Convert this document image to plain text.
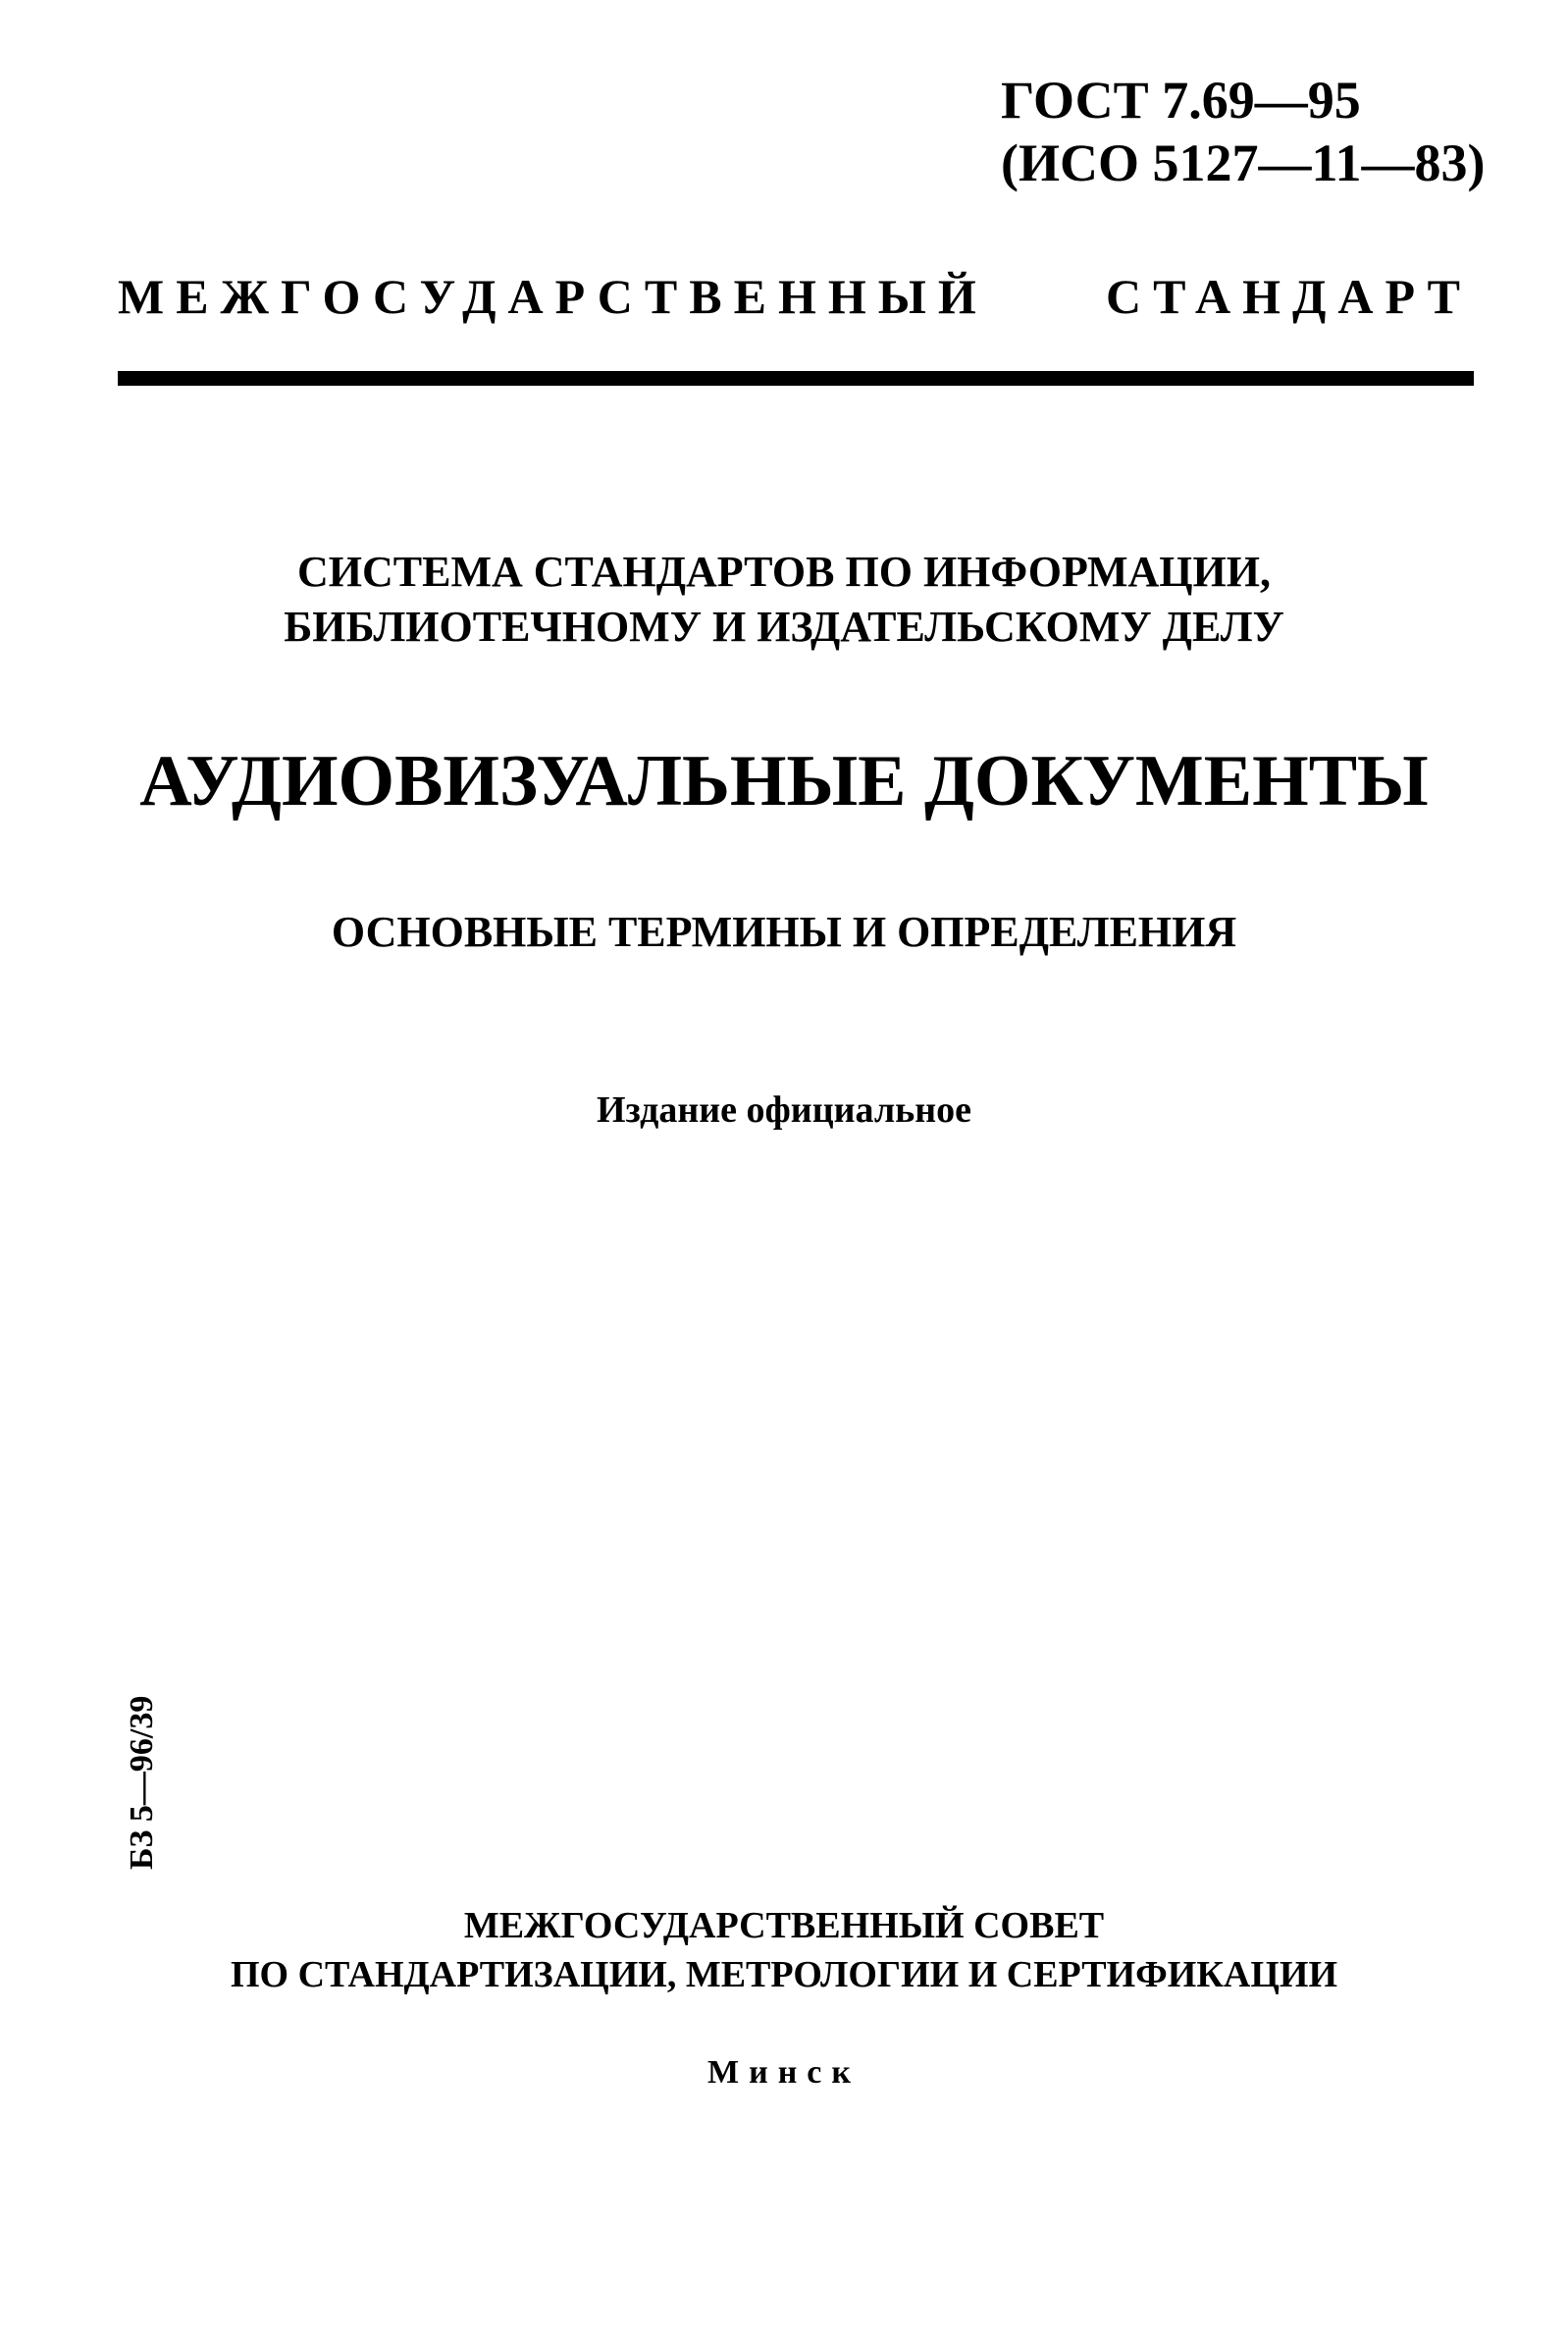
ГОСТ 7.69—95
(ИСО 5127—11—83)
МЕЖГОСУДАРСТВЕННЫЙ СТАНДАРТ
СИСТЕМА СТАНДАРТОВ ПО ИНФОРМАЦИИ,
БИБЛИОТЕЧНОМУ И ИЗДАТЕЛЬСКОМУ ДЕЛУ
АУДИОВИЗУАЛЬНЫЕ ДОКУМЕНТЫ
ОСНОВНЫЕ ТЕРМИНЫ И ОПРЕДЕЛЕНИЯ
Издание официальное
БЗ 5—96/39
МЕЖГОСУДАРСТВЕННЫЙ СОВЕТ
ПО СТАНДАРТИЗАЦИИ, МЕТРОЛОГИИ И СЕРТИФИКАЦИИ
Минск
